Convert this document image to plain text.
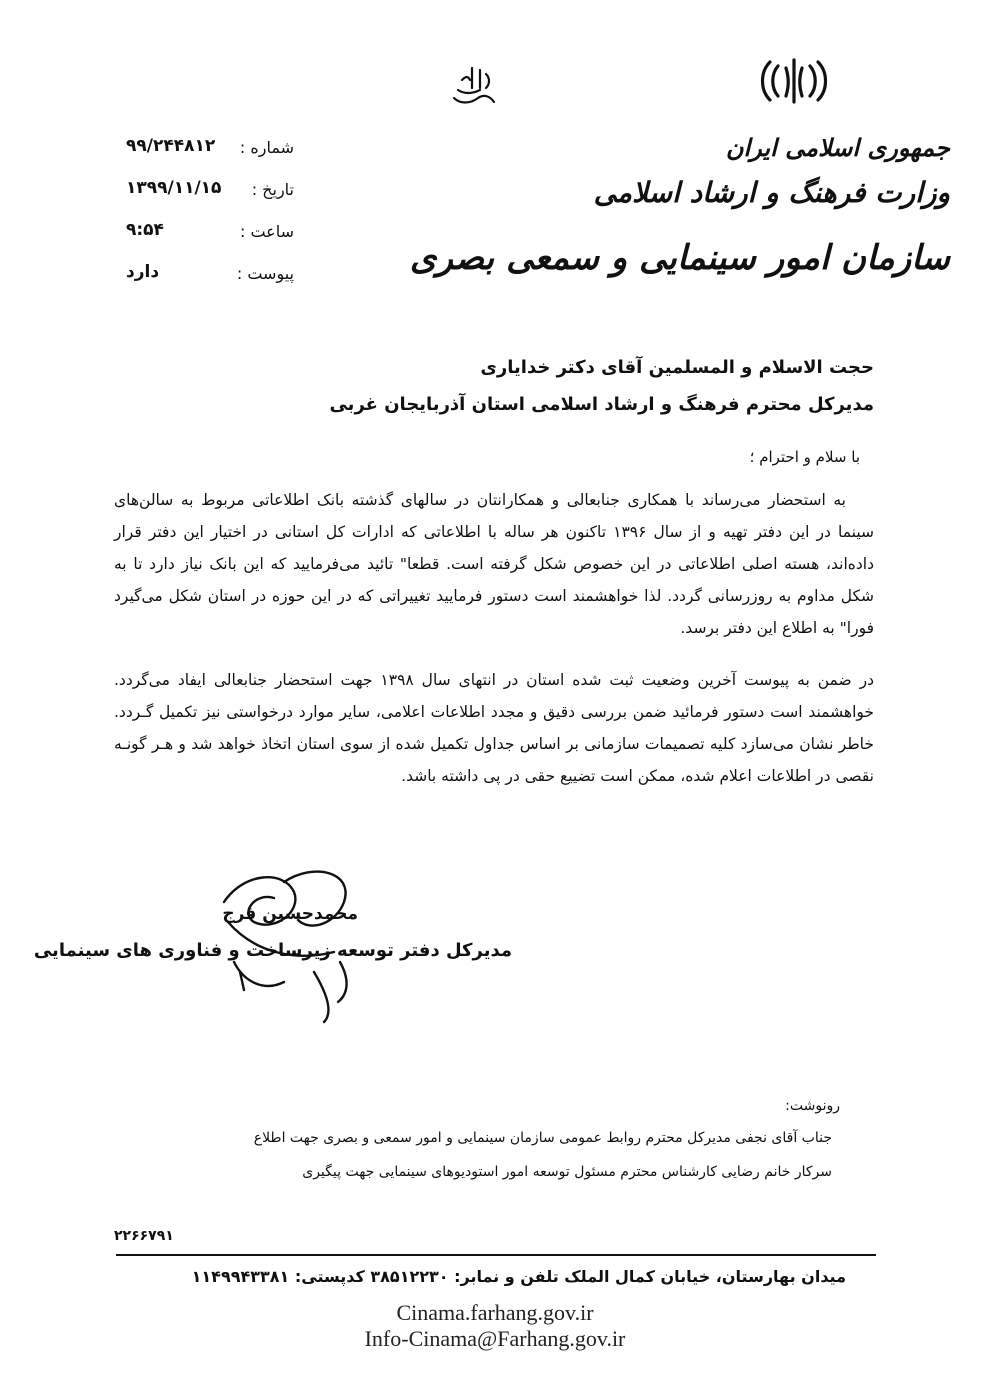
جمهوری اسلامی ایران
وزارت فرهنگ و ارشاد اسلامی
سازمان امور سینمایی و سمعی بصری
شماره :
۹۹/۲۴۴۸۱۲
تاریخ :
۱۳۹۹/۱۱/۱۵
ساعت :
۹:۵۴
پیوست :
دارد
حجت الاسلام و المسلمین آقای دکتر خدایاری
مدیرکل محترم فرهنگ و ارشاد اسلامی استان آذربایجان غربی
با سلام و احترام ؛
به استحضار می‌رساند با همکاری جنابعالی و همکارانتان در سالهای گذشته بانک اطلاعاتی مربوط به سالن‌های سینما در این دفتر تهیه و از سال ۱۳۹۶ تاکنون هر ساله با اطلاعاتی که ادارات کل استانی در اختیار این دفتر قرار داده‌اند، هسته اصلی اطلاعاتی در این خصوص شکل گرفته است. قطعا" تائید می‌فرمایید که این بانک نیاز دارد تا به شکل مداوم به روزرسانی گردد. لذا خواهشمند است دستور فرمایید تغییراتی که در این حوزه در استان شکل می‌گیرد فورا" به اطلاع این دفتر برسد.
در ضمن به پیوست آخرین وضعیت ثبت شده استان در انتهای سال ۱۳۹۸ جهت استحضار جنابعالی ایفاد می‌گردد. خواهشمند است دستور فرمائید ضمن بررسی دقیق و مجدد اطلاعات اعلامی، سایر موارد درخواستی نیز تکمیل گـردد. خاطر نشان می‌سازد کلیه تصمیمات سازمانی بر اساس جداول تکمیل شده از سوی استان اتخاذ خواهد شد و هـر گونـه نقصی در اطلاعات اعلام شده، ممکن است تضییع حقی در پی داشته باشد.
محمدحسین فرج
مدیرکل دفتر توسعه زیرساخت و فناوری های سینمایی
رونوشت:
جناب آقای نجفی مدیرکل محترم روابط عمومی سازمان سینمایی و امور سمعی و بصری جهت اطلاع
سرکار خانم رضایی کارشناس محترم مسئول توسعه امور استودیوهای سینمایی جهت پیگیری
۲۲۶۶۷۹۱
میدان بهارستان، خیابان کمال الملک تلفن و نمابر: ۳۸۵۱۲۲۳۰ کدپستی: ۱۱۴۹۹۴۳۳۸۱
Cinama.farhang.gov.ir
Info-Cinama@Farhang.gov.ir
